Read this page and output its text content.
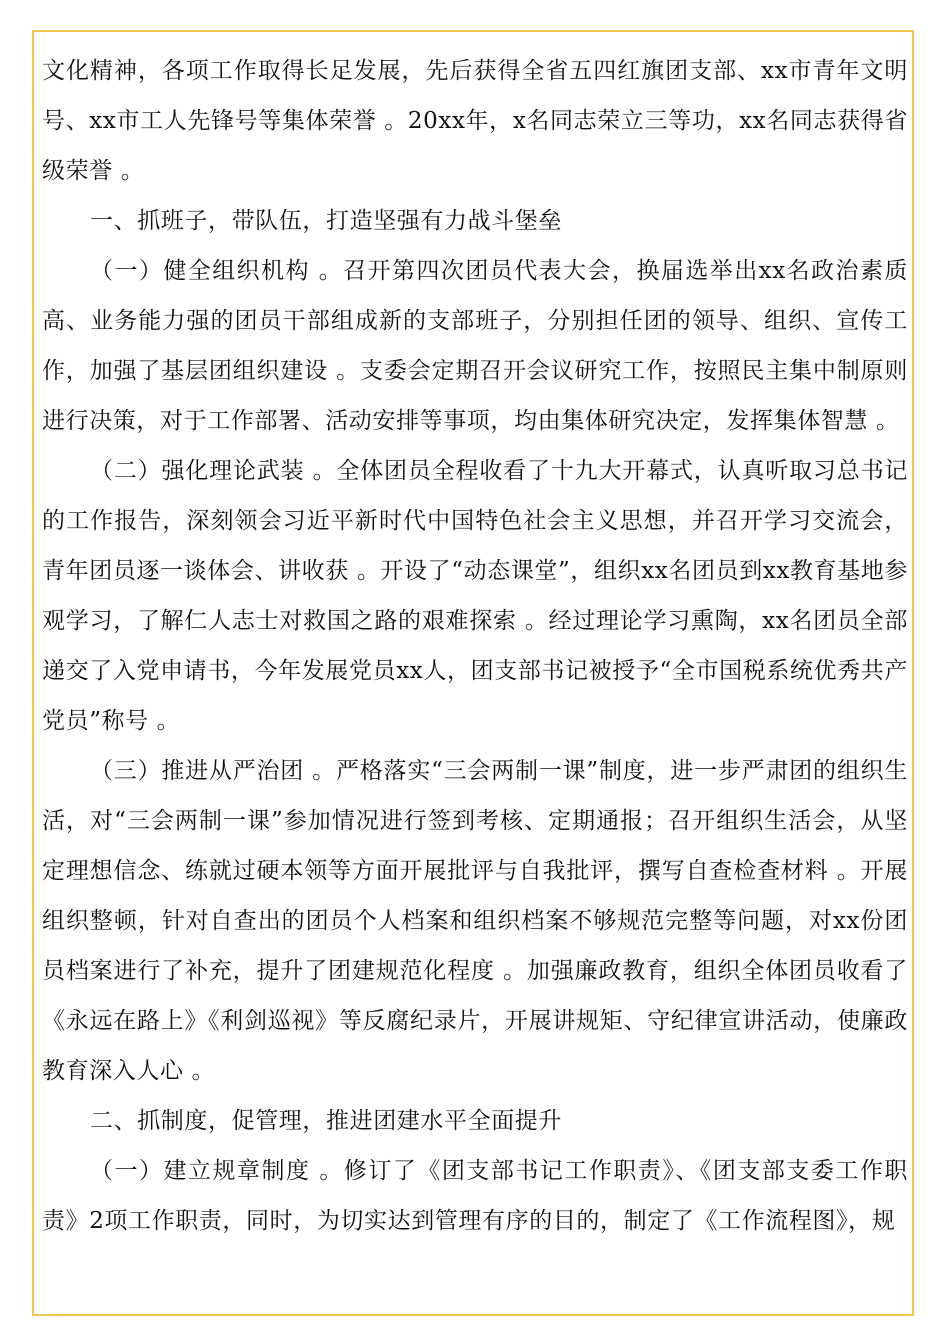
文化精神，各项工作取得长足发展，先后获得全省五四红旗团支部、xx市青年文明号、xx市工人先锋号等集体荣誉 。20xx年，x名同志荣立三等功，xx名同志获得省级荣誉 。

一、抓班子，带队伍，打造坚强有力战斗堡垒

（一）健全组织机构 。召开第四次团员代表大会，换届选举出xx名政治素质高、业务能力强的团员干部组成新的支部班子，分别担任团的领导、组织、宣传工作，加强了基层团组织建设 。支委会定期召开会议研究工作，按照民主集中制原则进行决策，对于工作部署、活动安排等事项，均由集体研究决定，发挥集体智慧 。

（二）强化理论武装 。全体团员全程收看了十九大开幕式，认真听取习总书记的工作报告，深刻领会习近平新时代中国特色社会主义思想，并召开学习交流会，青年团员逐一谈体会、讲收获 。开设了“动态课堂”，组织xx名团员到xx教育基地参观学习，了解仁人志士对救国之路的艰难探索 。经过理论学习熏陶，xx名团员全部递交了入党申请书，今年发展党员xx人，团支部书记被授予“全市国税系统优秀共产党员”称号 。

（三）推进从严治团 。严格落实“三会两制一课”制度，进一步严肃团的组织生活，对“三会两制一课”参加情况进行签到考核、定期通报；召开组织生活会，从坚定理想信念、练就过硬本领等方面开展批评与自我批评，撰写自查检查材料 。开展组织整顿，针对自查出的团员个人档案和组织档案不够规范完整等问题，对xx份团员档案进行了补充，提升了团建规范化程度 。加强廉政教育，组织全体团员收看了《永远在路上》《利剑巡视》等反腐纪录片，开展讲规矩、守纪律宣讲活动，使廉政教育深入人心 。

二、抓制度，促管理，推进团建水平全面提升

（一）建立规章制度 。修订了《团支部书记工作职责》、《团支部支委工作职责》2项工作职责，同时，为切实达到管理有序的目的，制定了《工作流程图》，规
